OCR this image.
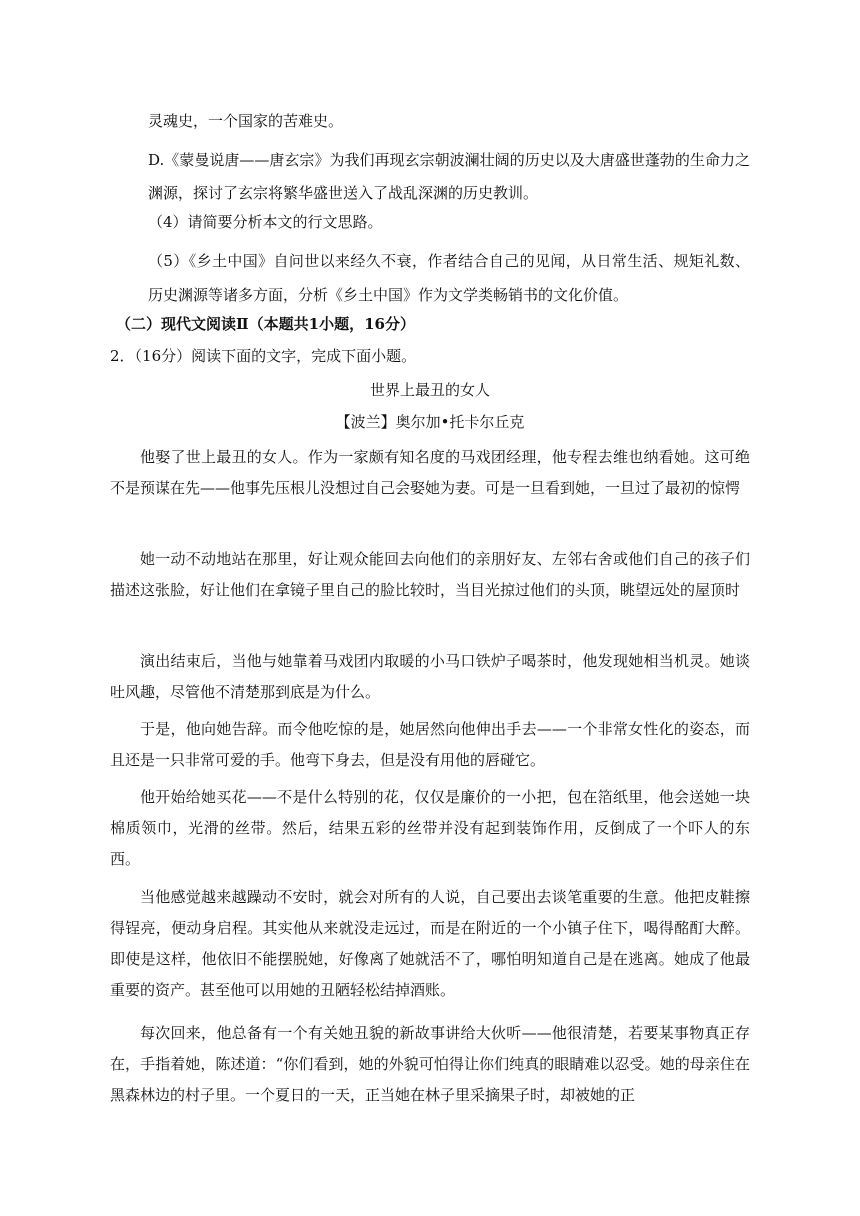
灵魂史，一个国家的苦难史。

D.《蒙曼说唐——唐玄宗》为我们再现玄宗朝波澜壮阔的历史以及大唐盛世蓬勃的生命力之渊源，探讨了玄宗将繁华盛世送入了战乱深渊的历史教训。

（4）请简要分析本文的行文思路。

（5）《乡土中国》自问世以来经久不衰，作者结合自己的见闻，从日常生活、规矩礼数、历史渊源等诸多方面，分析《乡土中国》作为文学类畅销书的文化价值。

（二）现代文阅读Ⅱ（本题共1小题，16分）
2．（16分）阅读下面的文字，完成下面小题。
世界上最丑的女人
【波兰】奥尔加•托卡尔丘克

他娶了世上最丑的女人。作为一家颇有知名度的马戏团经理，他专程去维也纳看她。这可绝不是预谋在先——他事先压根儿没想过自己会娶她为妻。可是一旦看到她，一旦过了最初的惊愕

她一动不动地站在那里，好让观众能回去向他们的亲朋好友、左邻右舍或他们自己的孩子们描述这张脸，好让他们在拿镜子里自己的脸比较时，当目光掠过他们的头顶，眺望远处的屋顶时

演出结束后，当他与她靠着马戏团内取暖的小马口铁炉子喝茶时，他发现她相当机灵。她谈吐风趣，尽管他不清楚那到底是为什么。

于是，他向她告辞。而令他吃惊的是，她居然向他伸出手去——一个非常女性化的姿态，而且还是一只非常可爱的手。他弯下身去，但是没有用他的唇碰它。

他开始给她买花——不是什么特别的花，仅仅是廉价的一小把，包在箔纸里，他会送她一块棉质领巾，光滑的丝带。然后，结果五彩的丝带并没有起到装饰作用，反倒成了一个吓人的东西。

当他感觉越来越躁动不安时，就会对所有的人说，自己要出去谈笔重要的生意。他把皮鞋擦得锃亮，便动身启程。其实他从来就没走远过，而是在附近的一个小镇子住下，喝得酩酊大醉。即使是这样，他依旧不能摆脱她，好像离了她就活不了，哪怕明知道自己是在逃离。她成了他最重要的资产。甚至他可以用她的丑陋轻松结掉酒账。

每次回来，他总备有一个有关她丑貌的新故事讲给大伙听——他很清楚，若要某事物真正存在，手指着她，陈述道：“你们看到，她的外貌可怕得让你们纯真的眼睛难以忍受。她的母亲住在黑森林边的村子里。一个夏日的一天，正当她在林子里采摘果子时，却被她的正
